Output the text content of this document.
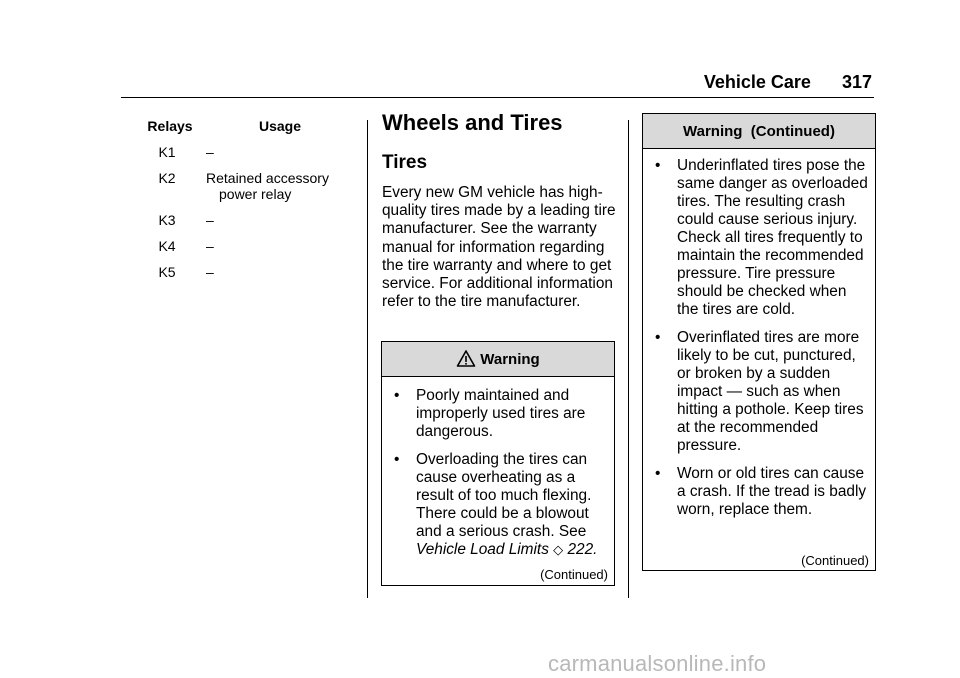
Vehicle Care 317
Relays	Usage
K1	–
K2	Retained accessory
power relay
K3	–
K4	–
K5	–
Wheels and Tires
Tires

Every new GM vehicle has high-quality tires made by a leading tire manufacturer. See the warranty manual for information regarding the tire warranty and where to get service. For additional information refer to the tire manufacturer.

Warning
•	Poorly maintained and improperly used tires are dangerous.
•	Overloading the tires can cause overheating as a result of too much flexing. There could be a blowout and a serious crash. See Vehicle Load Limits ◇ 222.
(Continued)
Warning  (Continued)
•	Underinflated tires pose the same danger as overloaded tires. The resulting crash could cause serious injury. Check all tires frequently to maintain the recommended pressure. Tire pressure should be checked when the tires are cold.
•	Overinflated tires are more likely to be cut, punctured, or broken by a sudden impact — such as when hitting a pothole. Keep tires at the recommended pressure.
•	Worn or old tires can cause a crash. If the tread is badly worn, replace them.
(Continued)
carmanualsonline.info
